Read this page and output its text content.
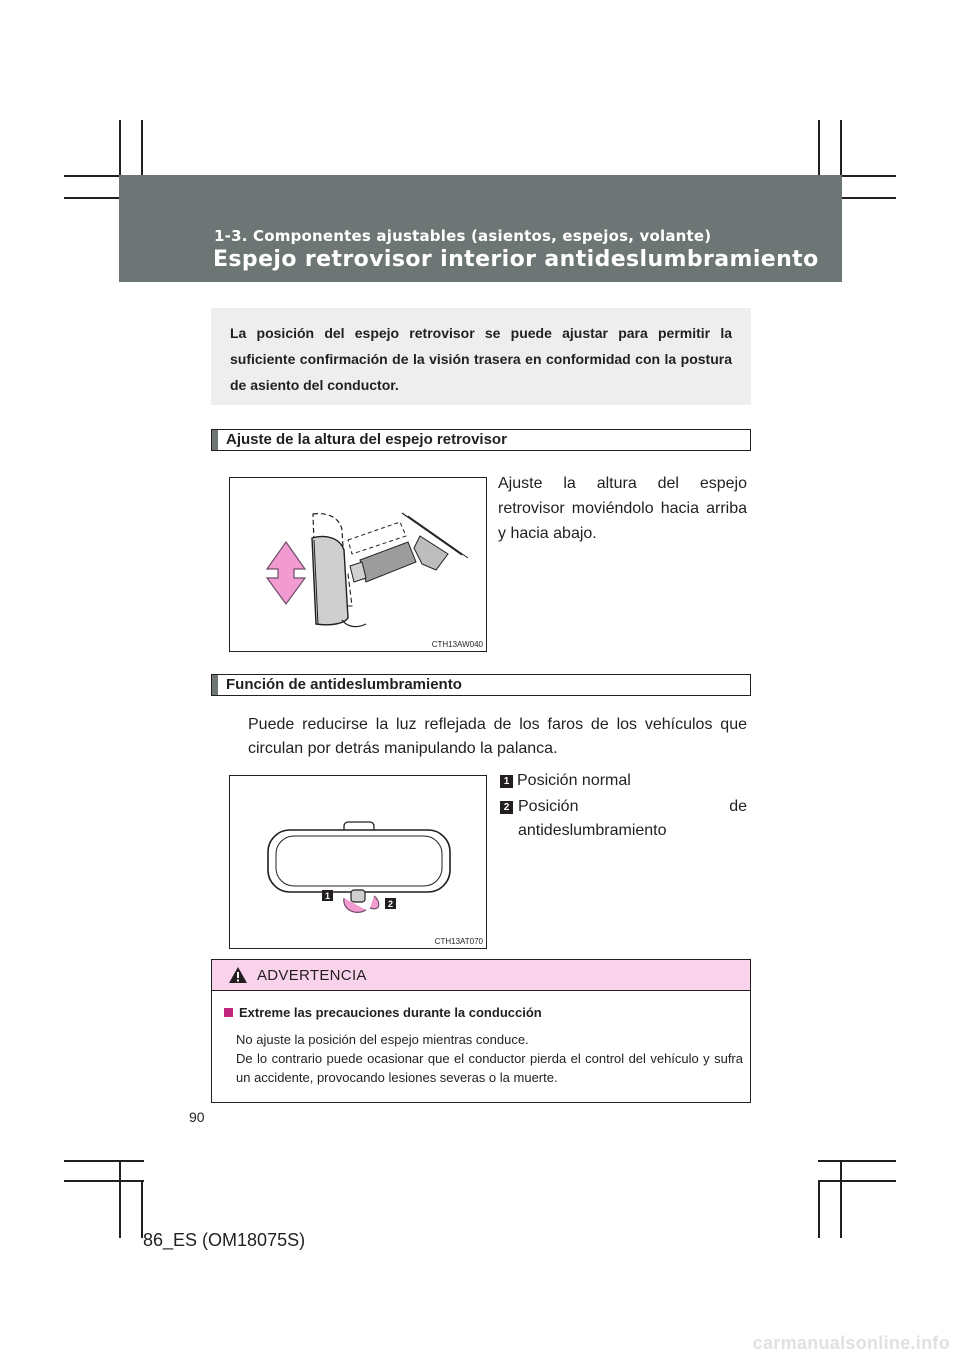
1-3. Componentes ajustables (asientos, espejos, volante)
Espejo retrovisor interior antideslumbramiento
La posición del espejo retrovisor se puede ajustar para permitir la suficiente confirmación de la visión trasera en conformidad con la postura de asiento del conductor.
Ajuste de la altura del espejo retrovisor
CTH13AW040
Ajuste la altura del espejo retrovisor moviéndolo hacia arriba y hacia abajo.
Función de antideslumbramiento
Puede reducirse la luz reflejada de los faros de los vehículos que circulan por detrás manipulando la palanca.
1
2
CTH13AT070
1 Posición normal
2 Posición de antideslumbramiento
ADVERTENCIA
Extreme las precauciones durante la conducción
No ajuste la posición del espejo mientras conduce.
De lo contrario puede ocasionar que el conductor pierda el control del vehículo y sufra un accidente, provocando lesiones severas o la muerte.
90
86_ES (OM18075S)
carmanualsonline.info
